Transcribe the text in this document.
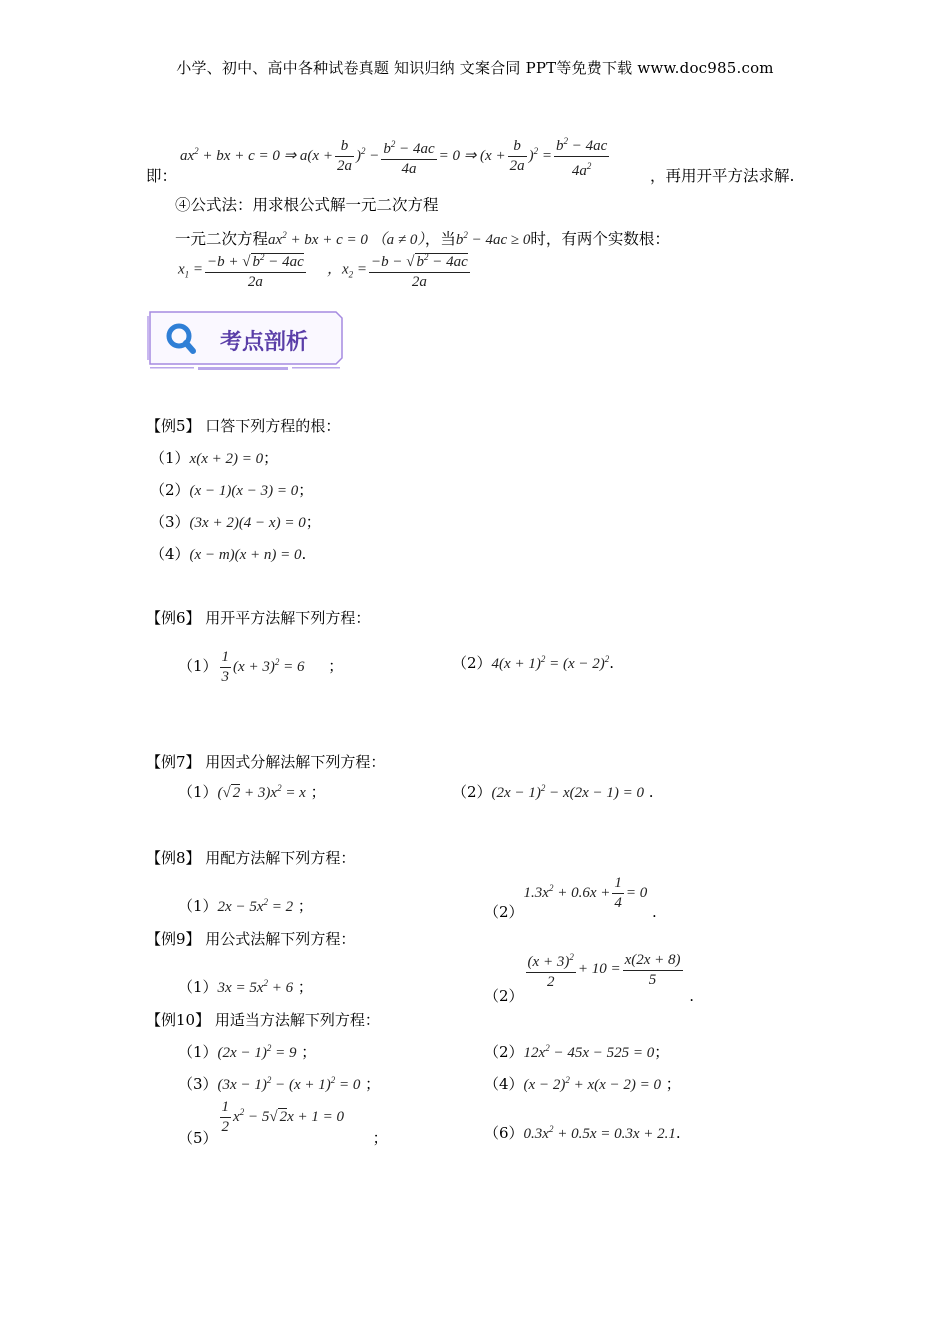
小学、初中、高中各种试卷真题 知识归纳 文案合同 PPT等免费下载 www.doc985.com
即：
$ax^2$ + bx + c = 0 ⇒ $a(x + \frac{b}{2a} )^2 - \frac{b^2 - 4ac}{4a} = 0$ ⇒ $(x + \frac{b}{2a} )^2 = \frac{b^2 - 4ac}{4a^2}$	，再用开平方法求解.
④公式法：用求根公式解一元二次方程
一元二次方程$ax^2$ + bx + c = 0 （a ≠ 0），当$b^2 - 4ac \ge 0$时，有两个实数根：
$x_1 = \frac{-b + √ b^2 - 4ac}{2a}$ ，$x_2 = \frac{-b - √ b^2 - 4ac}{2a}$
考点剖析
【例5】 口答下列方程的根：
（1）x(x + 2) = 0；
（2）(x − 1)(x − 3) = 0；
（3）(3x + 2)(4 − x) = 0；
（4）(x − m)(x + n) = 0.
【例6】 用开平方法解下列方程：
$(1) \frac{1}{3} (x + 3)^2 = 6$ ；	$(2)4(x + 1)^2 = (x - 2)^2$.
【例7】 用因式分解法解下列方程：
（1）(√ $2 + 3)x^2 = x$ ；	$(2)(2x - 1)^2 - x(2x - 1) = 0$ .
【例8】 用配方法解下列方程：
$(1)2x - 5x^2 = 2$ ；	$(2)1.3x^2 + 0.6x + \frac{1}{4} = 0$ .
【例9】 用公式法解下列方程：
$(1)3x = 5x^2 + 6$ ；
（2）
$\frac{(x + 3)^2}{2} + 10 = \frac{x(2x + 8)}{5}$
.
【例10】 用适当方法解下列方程：
$(1)(2x - 1)^2 = 9$ ；	$(2)12x^2 - 45x - 525 = 0$；
$(3)(3x - 1)^2 - (x + 1)^2 = 0$ ；	$(4)(x - 2)^2 + x(x - 2) = 0$ ；
（5）
$\frac{1}{2} x^2 - 5√$ 2x + 1 = 0      ；	$(6)0.3x^2 + 0.5x = 0.3x + 2.1$.
